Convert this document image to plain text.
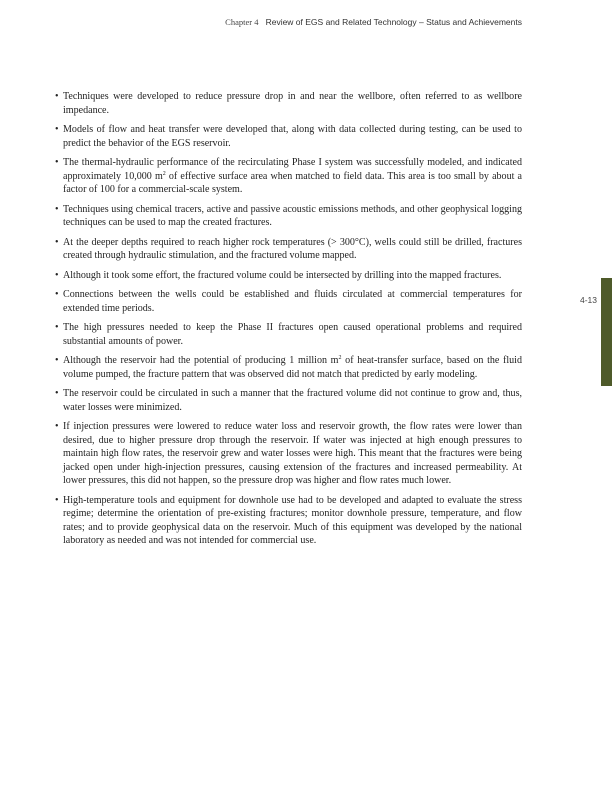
Chapter 4 Review of EGS and Related Technology – Status and Achievements
4-13
• Techniques were developed to reduce pressure drop in and near the wellbore, often referred to as wellbore impedance.
• Models of flow and heat transfer were developed that, along with data collected during testing, can be used to predict the behavior of the EGS reservoir.
• The thermal-hydraulic performance of the recirculating Phase I system was successfully modeled, and indicated approximately 10,000 $m^2$ of effective surface area when matched to field data. This area is too small by about a factor of 100 for a commercial-scale system.
• Techniques using chemical tracers, active and passive acoustic emissions methods, and other geophysical logging techniques can be used to map the created fractures.
• At the deeper depths required to reach higher rock temperatures (> 300°C), wells could still be drilled, fractures created through hydraulic stimulation, and the fractured volume mapped.
• Although it took some effort, the fractured volume could be intersected by drilling into the mapped fractures.
• Connections between the wells could be established and fluids circulated at commercial temperatures for extended time periods.
• The high pressures needed to keep the Phase II fractures open caused operational problems and required substantial amounts of power.
• Although the reservoir had the potential of producing 1 million $m^2$ of heat-transfer surface, based on the fluid volume pumped, the fracture pattern that was observed did not match that predicted by early modeling.
• The reservoir could be circulated in such a manner that the fractured volume did not continue to grow and, thus, water losses were minimized.
• If injection pressures were lowered to reduce water loss and reservoir growth, the flow rates were lower than desired, due to higher pressure drop through the reservoir. If water was injected at high enough pressures to maintain high flow rates, the reservoir grew and water losses were high. This meant that the fractures were being jacked open under high-injection pressures, causing extension of the fractures and increased permeability. At lower pressures, this did not happen, so the pressure drop was higher and flow rates much lower.
• High-temperature tools and equipment for downhole use had to be developed and adapted to evaluate the stress regime; determine the orientation of pre-existing fractures; monitor downhole pressure, temperature, and flow rates; and to provide geophysical data on the reservoir. Much of this equipment was developed by the national laboratory as needed and was not intended for commercial use.
